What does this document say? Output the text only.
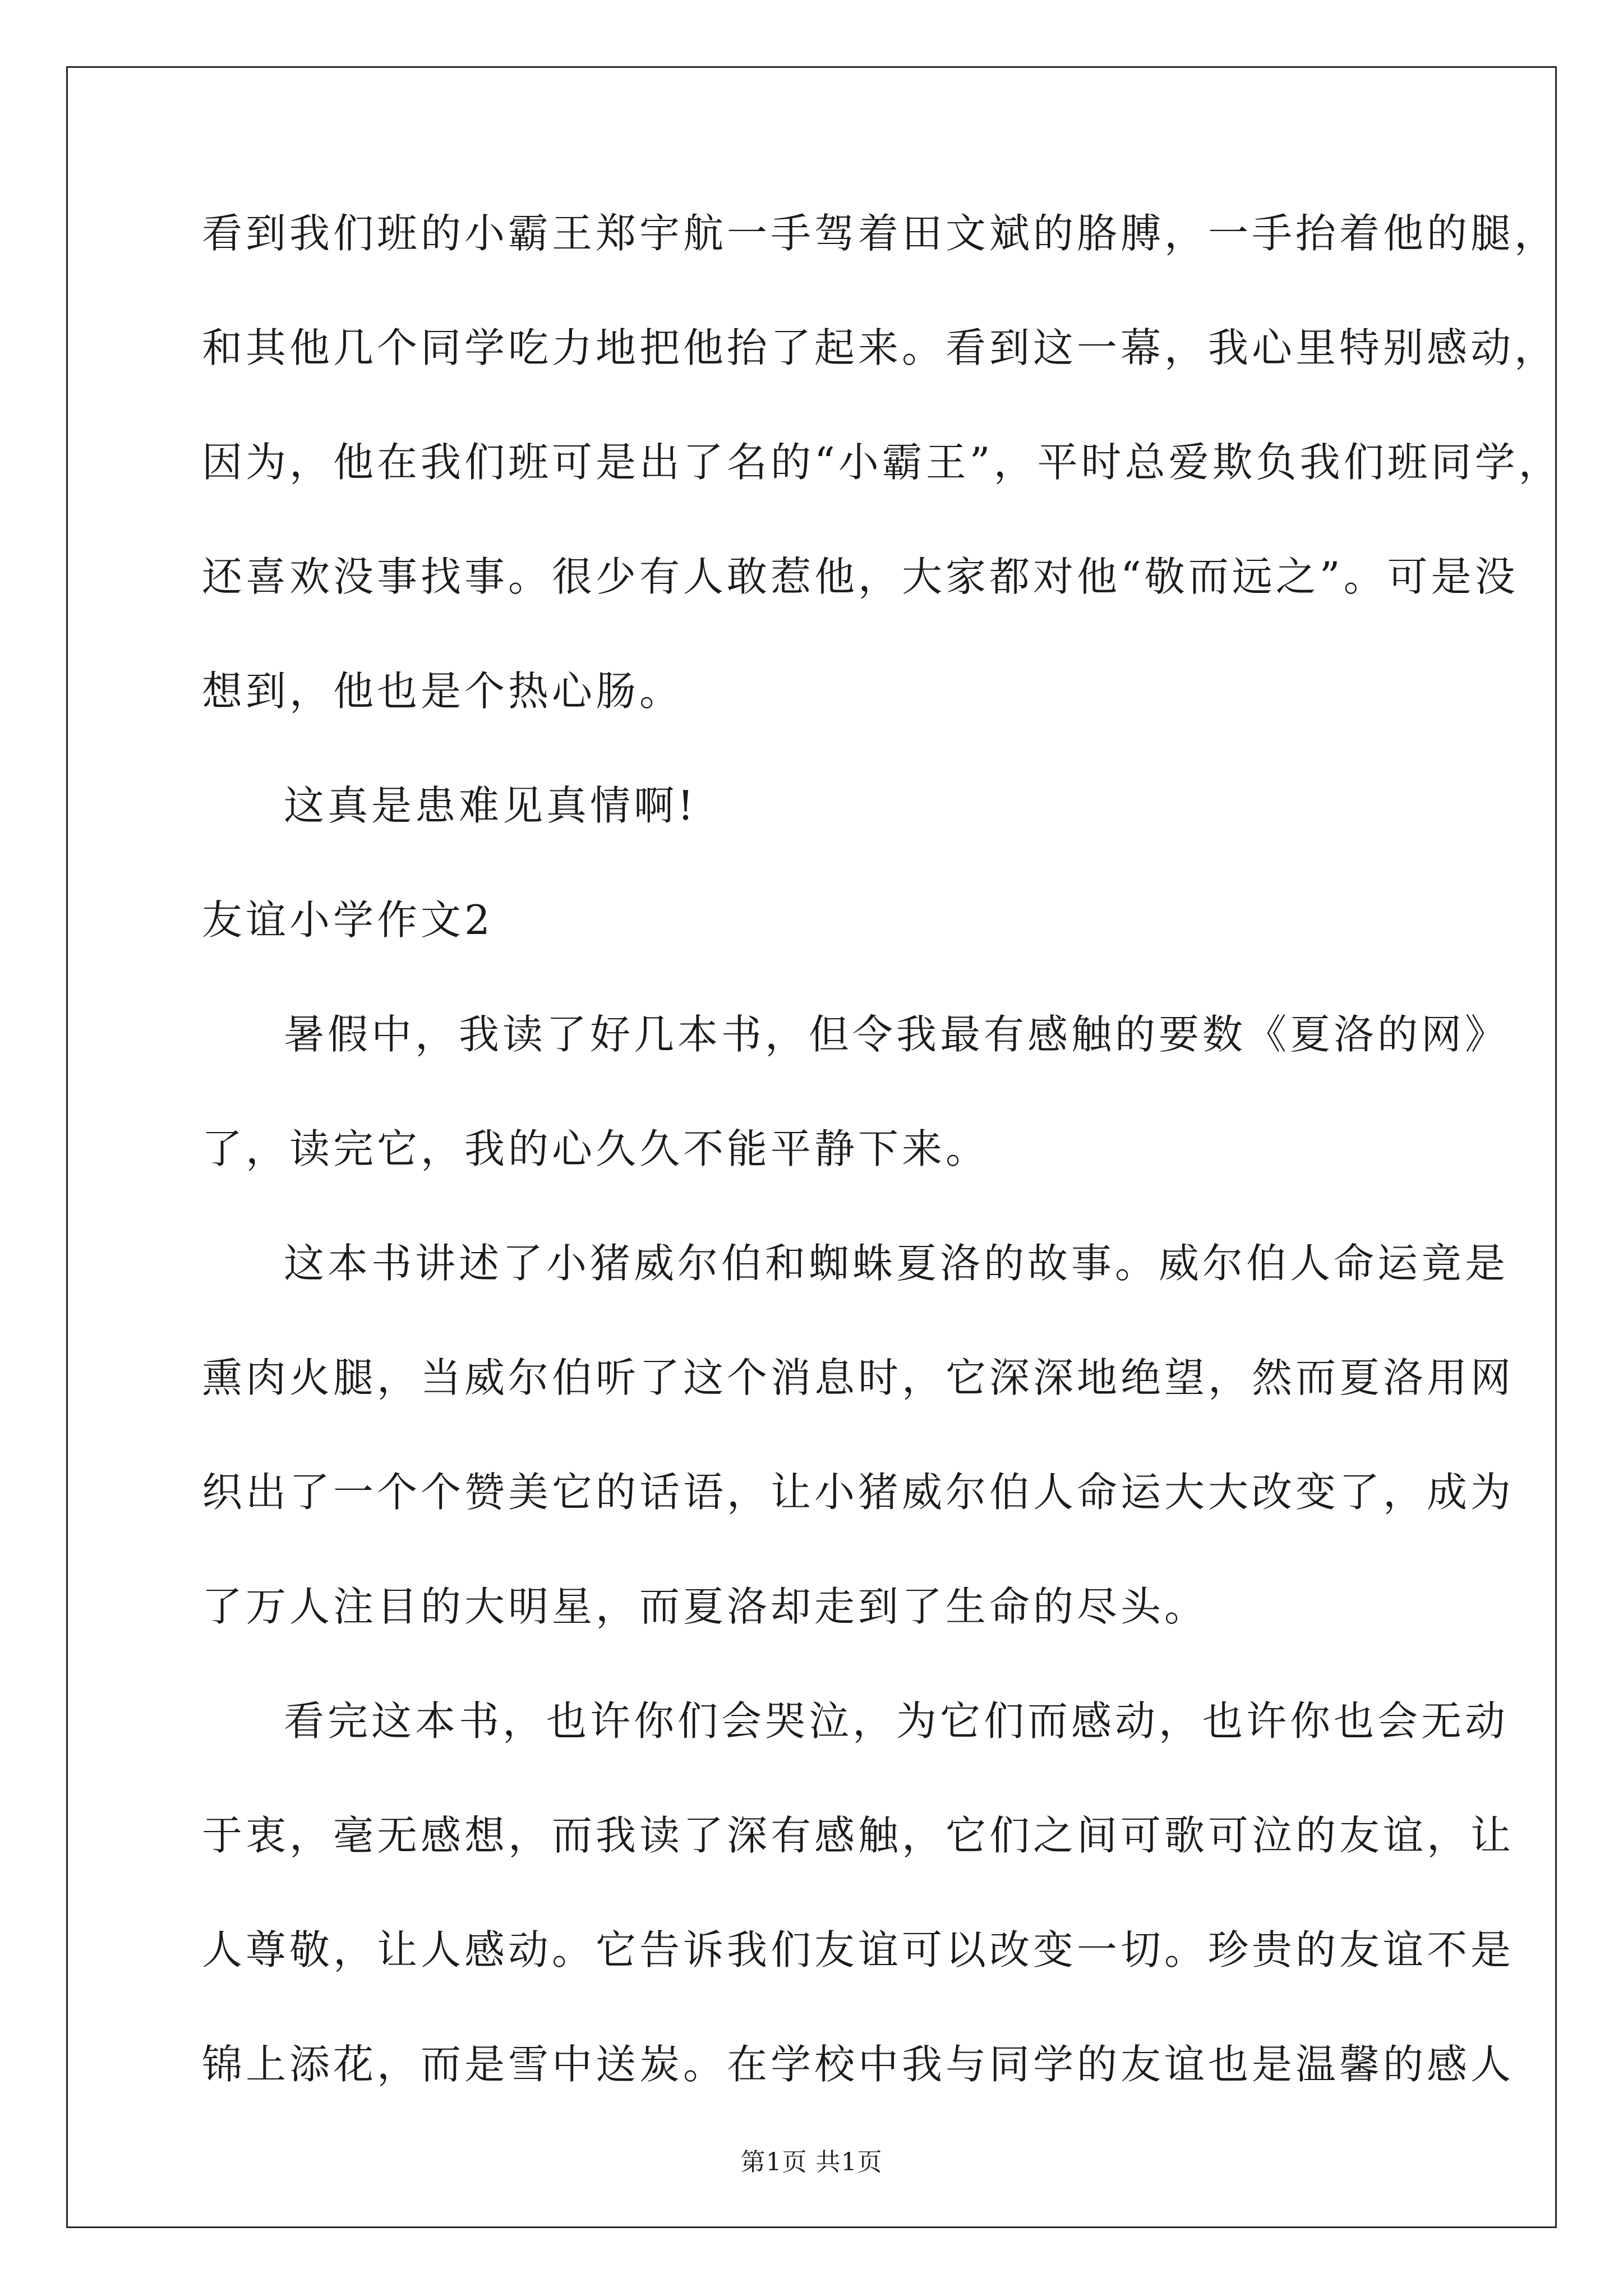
看到我们班的小霸王郑宇航一手驾着田文斌的胳膊，一手抬着他的腿，
和其他几个同学吃力地把他抬了起来。看到这一幕，我心里特别感动，
因为，他在我们班可是出了名的“小霸王”，平时总爱欺负我们班同学，
还喜欢没事找事。很少有人敢惹他，大家都对他“敬而远之”。可是没
想到，他也是个热心肠。
这真是患难见真情啊!
友谊小学作文2
暑假中，我读了好几本书，但令我最有感触的要数《夏洛的网》
了，读完它，我的心久久不能平静下来。
这本书讲述了小猪威尔伯和蜘蛛夏洛的故事。威尔伯人命运竟是
熏肉火腿，当威尔伯听了这个消息时，它深深地绝望，然而夏洛用网
织出了一个个赞美它的话语，让小猪威尔伯人命运大大改变了，成为
了万人注目的大明星，而夏洛却走到了生命的尽头。
看完这本书，也许你们会哭泣，为它们而感动，也许你也会无动
于衷，毫无感想，而我读了深有感触，它们之间可歌可泣的友谊，让
人尊敬，让人感动。它告诉我们友谊可以改变一切。珍贵的友谊不是
锦上添花，而是雪中送炭。在学校中我与同学的友谊也是温馨的感人
第1页 共1页
